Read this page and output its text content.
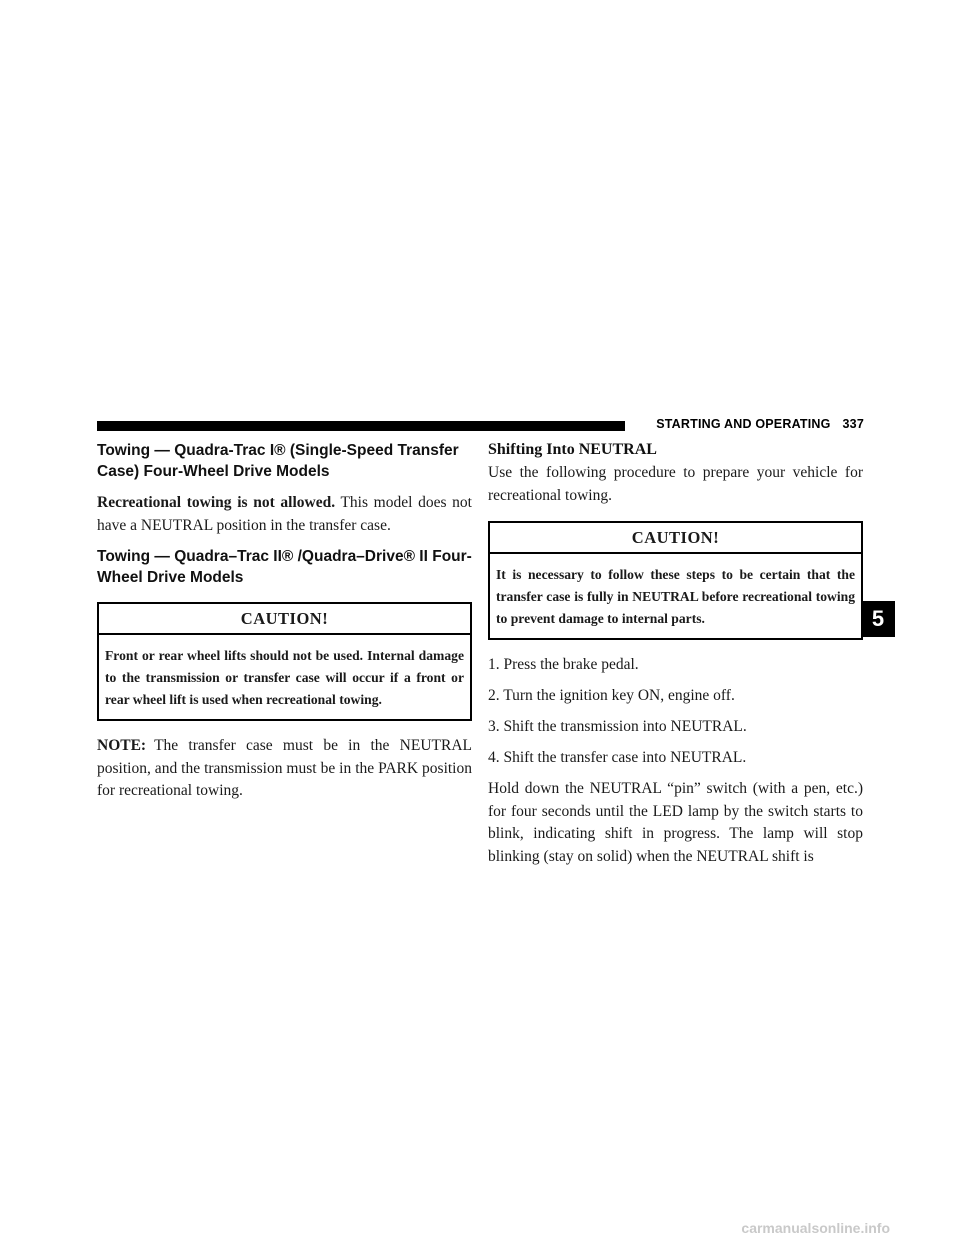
STARTING AND OPERATING 337
Towing — Quadra-Trac I® (Single-Speed Transfer Case) Four-Wheel Drive Models

Recreational towing is not allowed. This model does not have a NEUTRAL position in the transfer case.

Towing — Quadra–Trac II® /Quadra–Drive® II Four-Wheel Drive Models
CAUTION!
Front or rear wheel lifts should not be used. Internal damage to the transmission or transfer case will occur if a front or rear wheel lift is used when recreational towing.

NOTE: The transfer case must be in the NEUTRAL position, and the transmission must be in the PARK position for recreational towing.

Shifting Into NEUTRAL

Use the following procedure to prepare your vehicle for recreational towing.

CAUTION!
It is necessary to follow these steps to be certain that the transfer case is fully in NEUTRAL before recreational towing to prevent damage to internal parts.
1. Press the brake pedal.
2. Turn the ignition key ON, engine off.
3. Shift the transmission into NEUTRAL.
4. Shift the transfer case into NEUTRAL.

Hold down the NEUTRAL “pin” switch (with a pen, etc.) for four seconds until the LED lamp by the switch starts to blink, indicating shift in progress. The lamp will stop blinking (stay on solid) when the NEUTRAL shift is

5
carmanualsonline.info
